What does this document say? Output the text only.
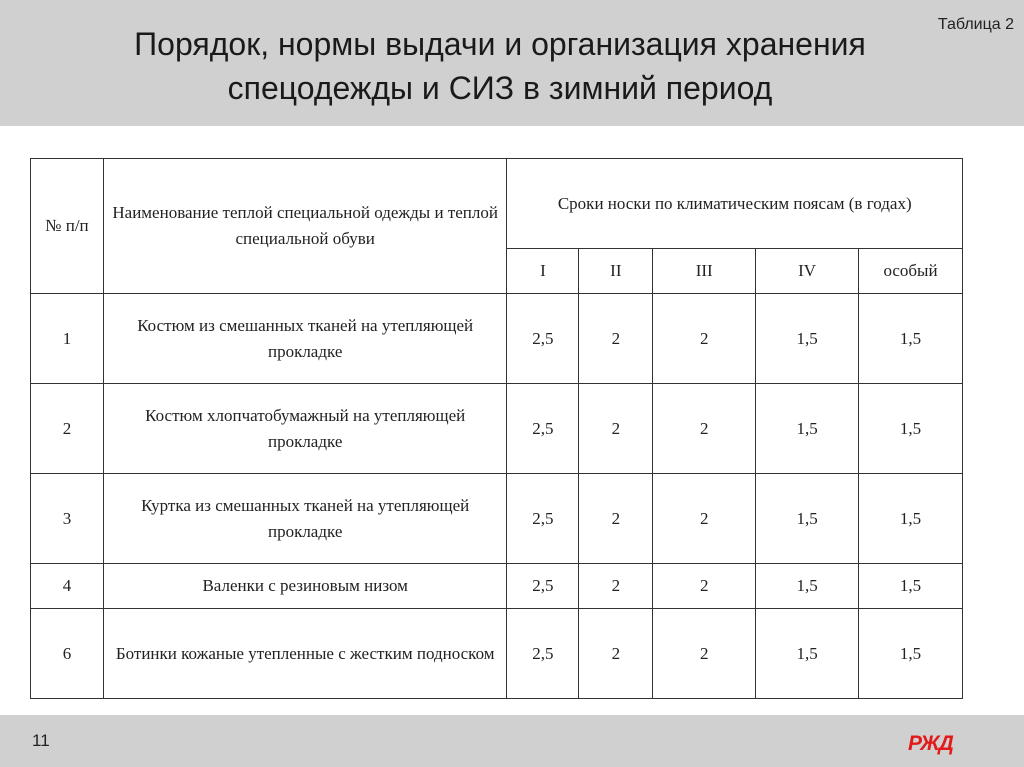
Таблица 2
Порядок, нормы выдачи и организация хранения
спецодежды и СИЗ в зимний период
№ п/п	Наименование теплой специальной одежды и теплой специальной обуви	Сроки носки по климатическим поясам (в годах)				
		I	II	III	IV	особый
1	Костюм из смешанных тканей на утепляющей прокладке	2,5	2	2	1,5	1,5
2	Костюм хлопчатобумажный на утепляющей прокладке	2,5	2	2	1,5	1,5
3	Куртка из смешанных тканей на утепляющей прокладке	2,5	2	2	1,5	1,5
4	Валенки с резиновым низом	2,5	2	2	1,5	1,5
6	Ботинки кожаные утепленные с жестким подноском	2,5	2	2	1,5	1,5
11	РЖД
